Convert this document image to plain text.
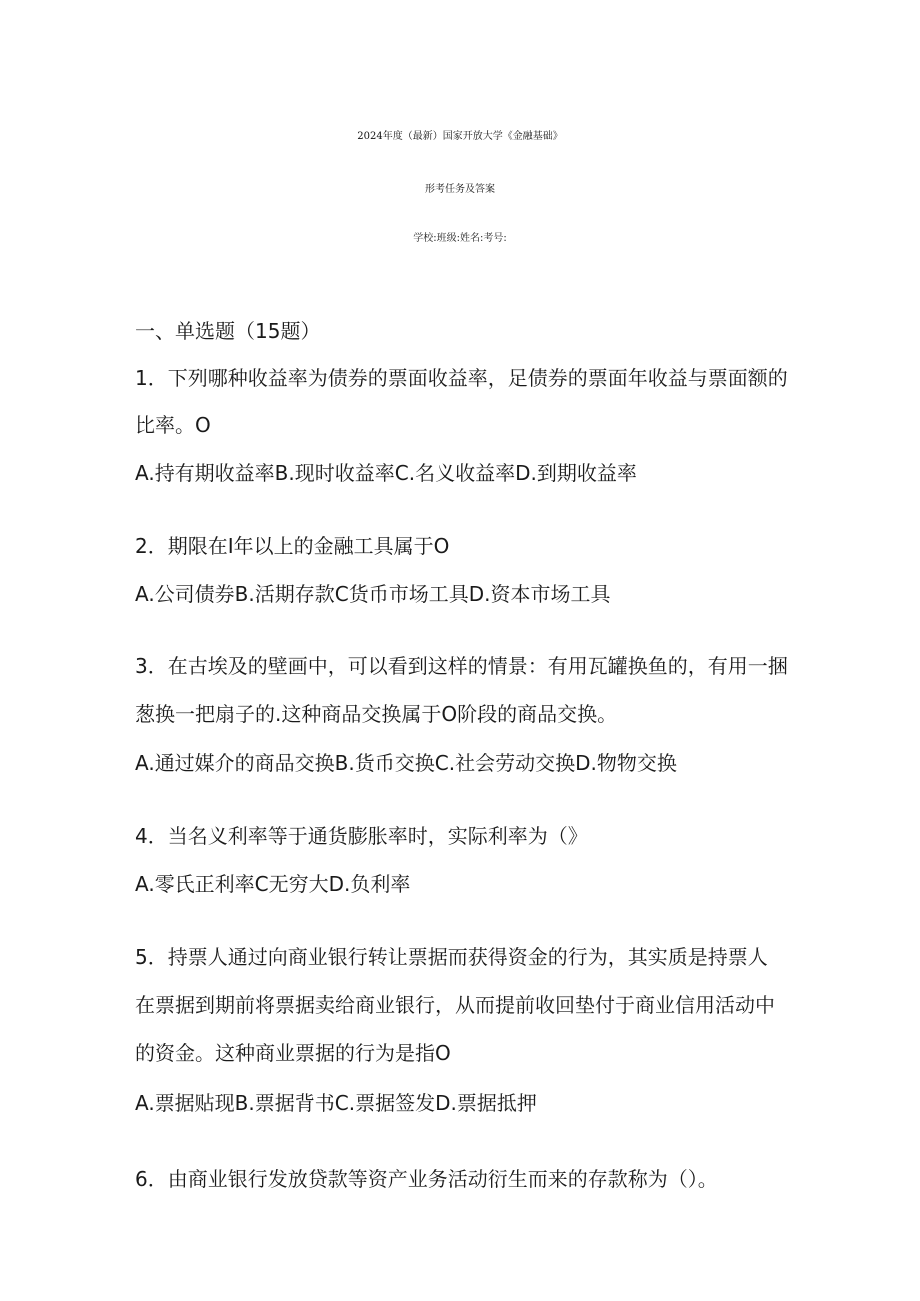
2024年度（最新）国家开放大学《金融基础》
形考任务及答案
学校:班级:姓名:考号:
一、单选题（15题）
1．下列哪种收益率为债券的票面收益率，足债券的票面年收益与票面额的
比率。O
A.持有期收益率B.现时收益率C.名义收益率D.到期收益率
2．期限在I年以上的金融工具属于O
A.公司债券B.活期存款C货币市场工具D.资本市场工具
3．在古埃及的壁画中，可以看到这样的情景：有用瓦罐换鱼的，有用一捆
葱换一把扇子的.这种商品交换属于O阶段的商品交换。
A.通过媒介的商品交换B.货币交换C.社会劳动交换D.物物交换
4．当名义利率等于通货膨胀率时，实际利率为（》
A.零氏正利率C无穷大D.负利率
5．持票人通过向商业银行转让票据而获得资金的行为，其实质是持票人
在票据到期前将票据卖给商业银行，从而提前收回垫付于商业信用活动中
的资金。这种商业票据的行为是指O
A.票据贴现B.票据背书C.票据签发D.票据抵押
6．由商业银行发放贷款等资产业务活动衍生而来的存款称为（）。
